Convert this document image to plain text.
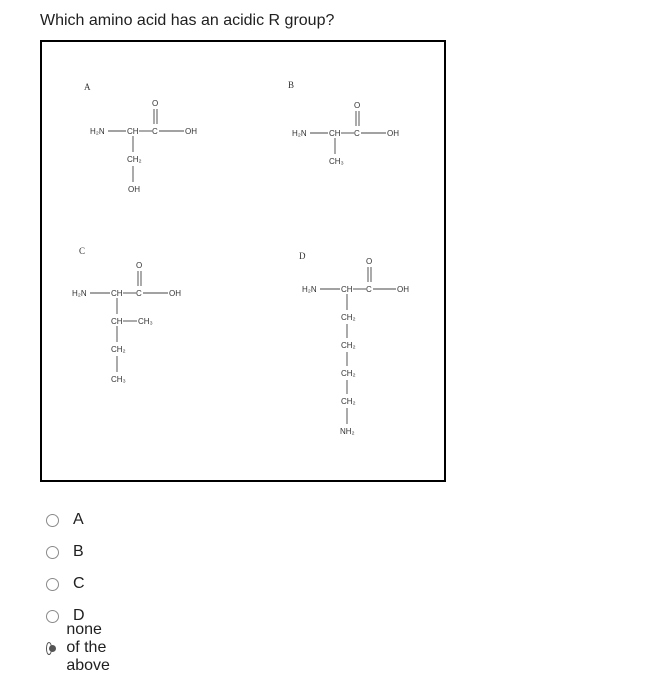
Which amino acid has an acidic R group?
A
H₂N	CH C	OH
O
CH₂
OH
B
H₂N	CH C	OH
O
CH₃
C
H₂N	CH C	OH
O
CH CH₃
CH₂
CH₃
D
H₂N	CH C	OH
O
CH₂
CH₂
CH₂
CH₂
NH₂
A
B
C
D
none of the above
